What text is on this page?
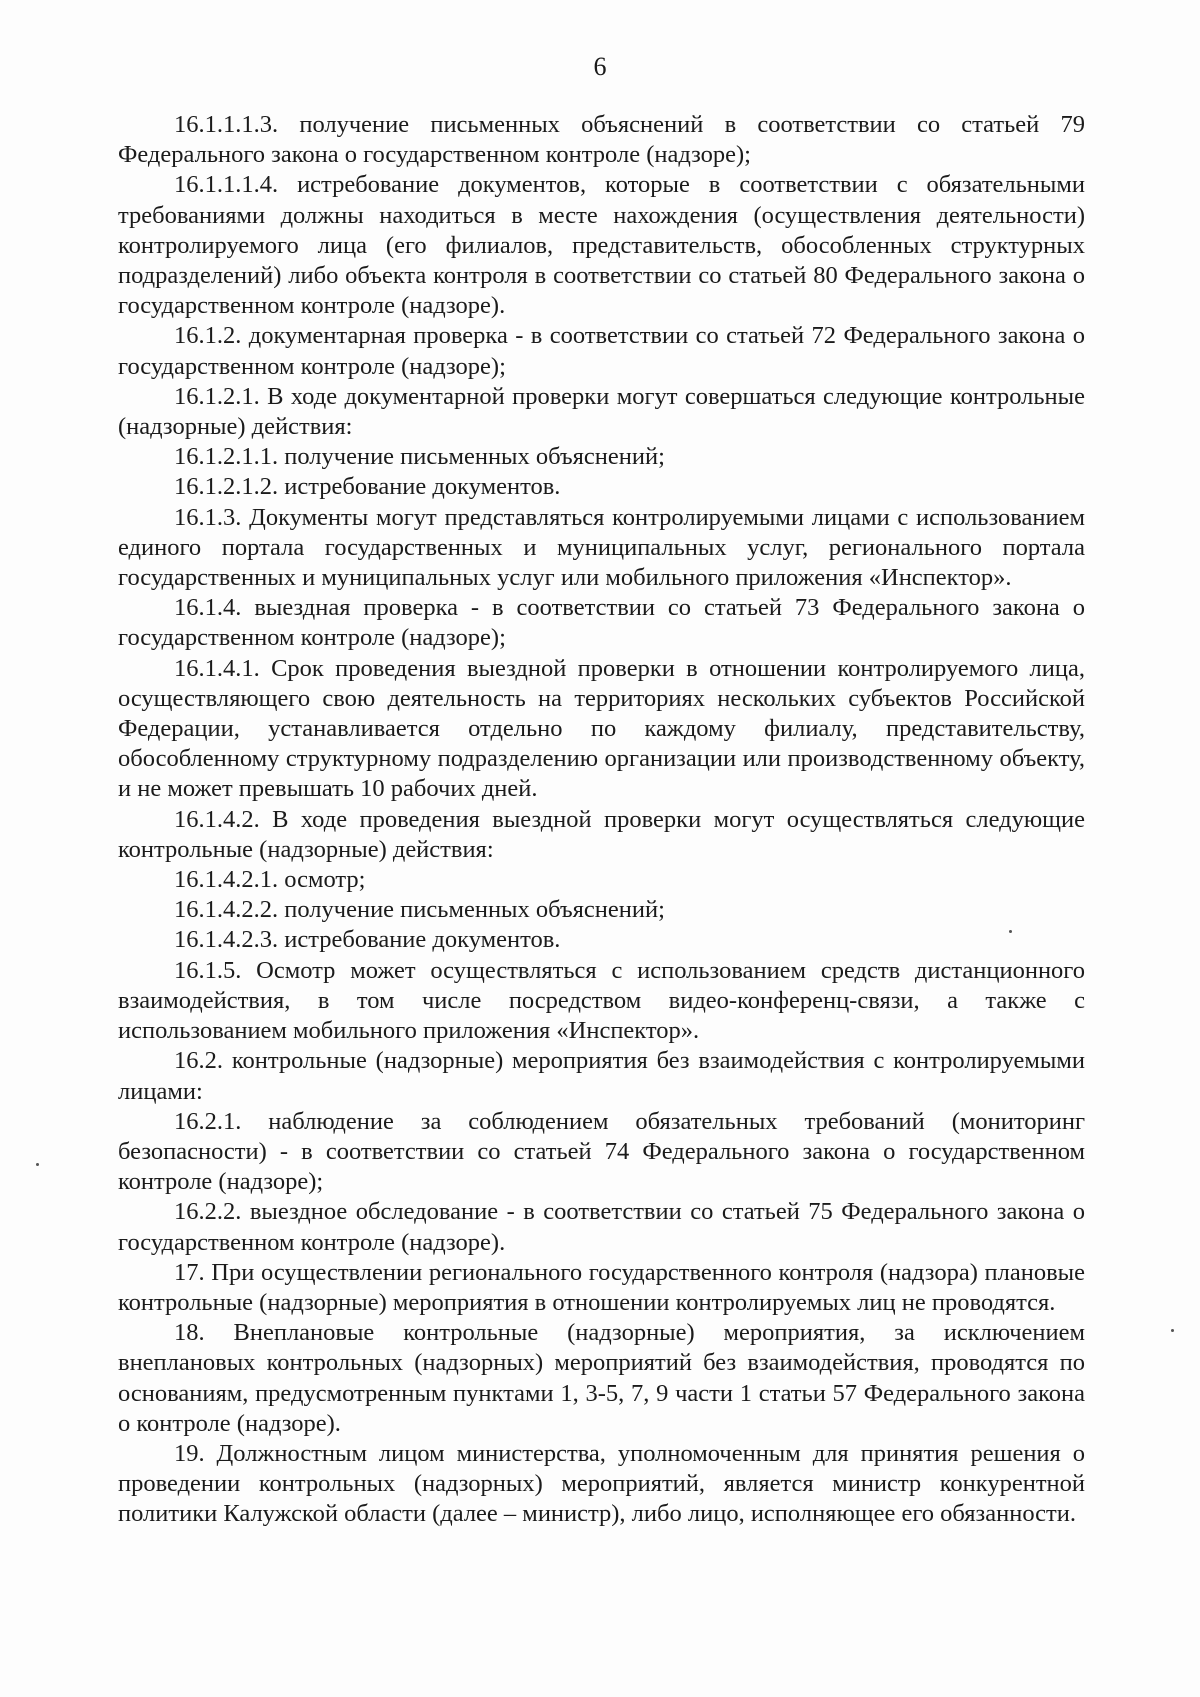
6

16.1.1.1.3. получение письменных объяснений в соответствии со статьей 79 Федерального закона о государственном контроле (надзоре);

16.1.1.1.4. истребование документов, которые в соответствии с обязательными требованиями должны находиться в месте нахождения (осуществления деятельности) контролируемого лица (его филиалов, представительств, обособленных структурных подразделений) либо объекта контроля в соответствии со статьей 80 Федерального закона о государственном контроле (надзоре).

16.1.2. документарная проверка - в соответствии со статьей 72 Федерального закона о государственном контроле (надзоре);

16.1.2.1. В ходе документарной проверки могут совершаться следующие контрольные (надзорные) действия:

16.1.2.1.1. получение письменных объяснений;

16.1.2.1.2. истребование документов.

16.1.3. Документы могут представляться контролируемыми лицами с использованием единого портала государственных и муниципальных услуг, регионального портала государственных и муниципальных услуг или мобильного приложения «Инспектор».

16.1.4. выездная проверка - в соответствии со статьей 73 Федерального закона о государственном контроле (надзоре);

16.1.4.1. Срок проведения выездной проверки в отношении контролируемого лица, осуществляющего свою деятельность на территориях нескольких субъектов Российской Федерации, устанавливается отдельно по каждому филиалу, представительству, обособленному структурному подразделению организации или производственному объекту, и не может превышать 10 рабочих дней.

16.1.4.2. В ходе проведения выездной проверки могут осуществляться следующие контрольные (надзорные) действия:

16.1.4.2.1. осмотр;

16.1.4.2.2. получение письменных объяснений;

16.1.4.2.3. истребование документов.

16.1.5. Осмотр может осуществляться с использованием средств дистанционного взаимодействия, в том числе посредством видео-конференц-связи, а также с использованием мобильного приложения «Инспектор».

16.2. контрольные (надзорные) мероприятия без взаимодействия с контролируемыми лицами:

16.2.1. наблюдение за соблюдением обязательных требований (мониторинг безопасности) - в соответствии со статьей 74 Федерального закона о государственном контроле (надзоре);

16.2.2. выездное обследование - в соответствии со статьей 75 Федерального закона о государственном контроле (надзоре).

17. При осуществлении регионального государственного контроля (надзора) плановые контрольные (надзорные) мероприятия в отношении контролируемых лиц не проводятся.

18. Внеплановые контрольные (надзорные) мероприятия, за исключением внеплановых контрольных (надзорных) мероприятий без взаимодействия, проводятся по основаниям, предусмотренным пунктами 1, 3-5, 7, 9 части 1 статьи 57 Федерального закона о контроле (надзоре).

19. Должностным лицом министерства, уполномоченным для принятия решения о проведении контрольных (надзорных) мероприятий, является министр конкурентной политики Калужской области (далее – министр), либо лицо, исполняющее его обязанности.
